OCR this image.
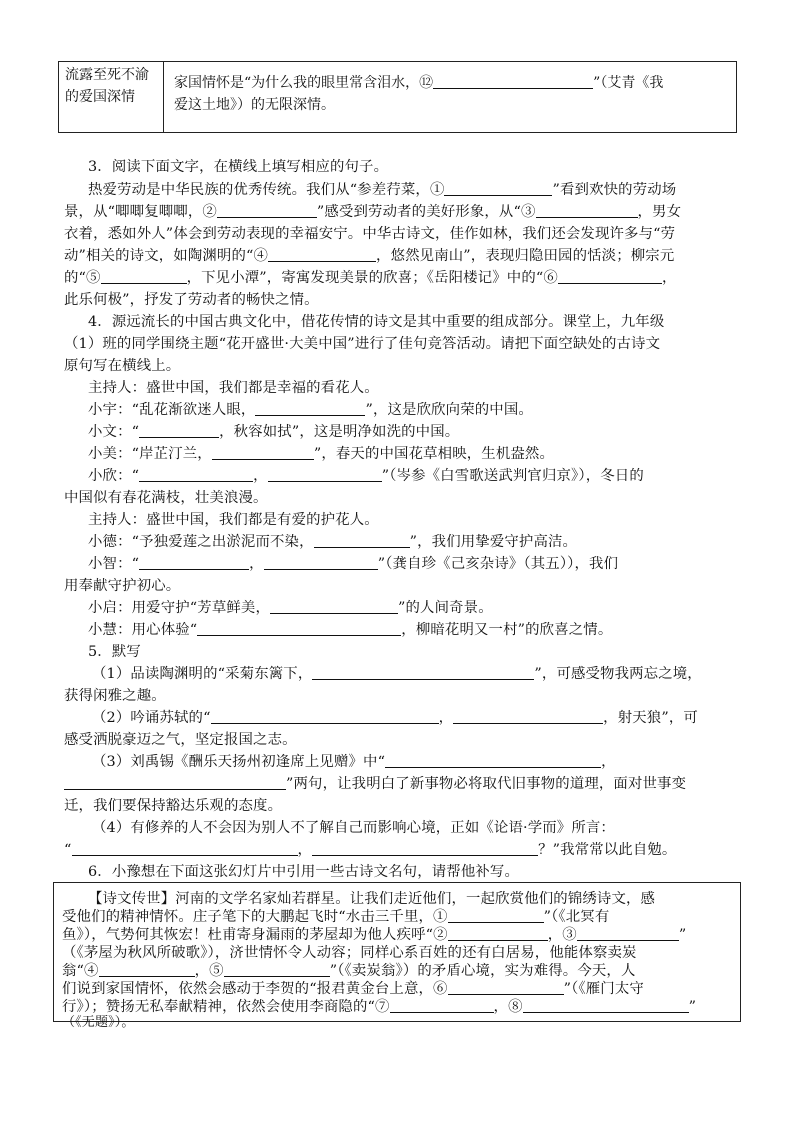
流露至死不渝的爱国深情	家国情怀是“为什么我的眼里常含泪水，⑫	”（艾青《我
爱这土地》）的无限深情。
3．阅读下面文字，在横线上填写相应的句子。
热爱劳动是中华民族的优秀传统。我们从“参差荇菜，①	”看到欢快的劳动场
景，从“唧唧复唧唧，②	”感受到劳动者的美好形象，从“③	，男女
衣着，悉如外人”体会到劳动表现的幸福安宁。中华古诗文，佳作如林，我们还会发现许多与“劳
动”相关的诗文，如陶渊明的“④	，悠然见南山”，表现归隐田园的恬淡；柳宗元
的“⑤	，下见小潭”，寄寓发现美景的欣喜；《岳阳楼记》中的“⑥	，
此乐何极”，抒发了劳动者的畅快之情。
4．源远流长的中国古典文化中，借花传情的诗文是其中重要的组成部分。课堂上，九年级
（1）班的同学围绕主题“花开盛世·大美中国”进行了佳句竞答活动。请把下面空缺处的古诗文
原句写在横线上。
主持人：盛世中国，我们都是幸福的看花人。
小宇：“乱花渐欲迷人眼，	”，这是欣欣向荣的中国。
小文：“	，秋容如拭”，这是明净如洗的中国。
小美：“岸芷汀兰，	”，春天的中国花草相映，生机盎然。
小欣：“	，	”（岑参《白雪歌送武判官归京》），冬日的
中国似有春花满枝，壮美浪漫。
主持人：盛世中国，我们都是有爱的护花人。
小德：“予独爱莲之出淤泥而不染，	”，我们用挚爱守护高洁。
小智：“	，	”（龚自珍《己亥杂诗》（其五）），我们
用奉献守护初心。
小启：用爱守护“芳草鲜美，	”的人间奇景。
小慧：用心体验“	，柳暗花明又一村”的欣喜之情。
5．默写
（1）品读陶渊明的“采菊东篱下，	”，可感受物我两忘之境，
获得闲雅之趣。
（2）吟诵苏轼的“	，	，射天狼”，可
感受洒脱豪迈之气，坚定报国之志。
（3）刘禹锡《酬乐天扬州初逢席上见赠》中“	，
”两句，让我明白了新事物必将取代旧事物的道理，面对世事变
迁，我们要保持豁达乐观的态度。
（4）有修养的人不会因为别人不了解自己而影响心境，正如《论语·学而》所言：
“	，	？”我常常以此自勉。
6．小豫想在下面这张幻灯片中引用一些古诗文名句，请帮他补写。
【诗文传世】河南的文学名家灿若群星。让我们走近他们，一起欣赏他们的锦绣诗文，感
受他们的精神情怀。庄子笔下的大鹏起飞时“水击三千里，①	”（《北冥有
鱼》），气势何其恢宏！杜甫寄身漏雨的茅屋却为他人疾呼“②	，③	”
（《茅屋为秋风所破歌》），济世情怀令人动容；同样心系百姓的还有白居易，他能体察卖炭
翁“④	，⑤	”（《卖炭翁》）的矛盾心境，实为难得。今天，人
们说到家国情怀，依然会感动于李贺的“报君黄金台上意，⑥	”（《雁门太守
行》）；赞扬无私奉献精神，依然会使用李商隐的“⑦	，⑧	”
（《无题》）。
